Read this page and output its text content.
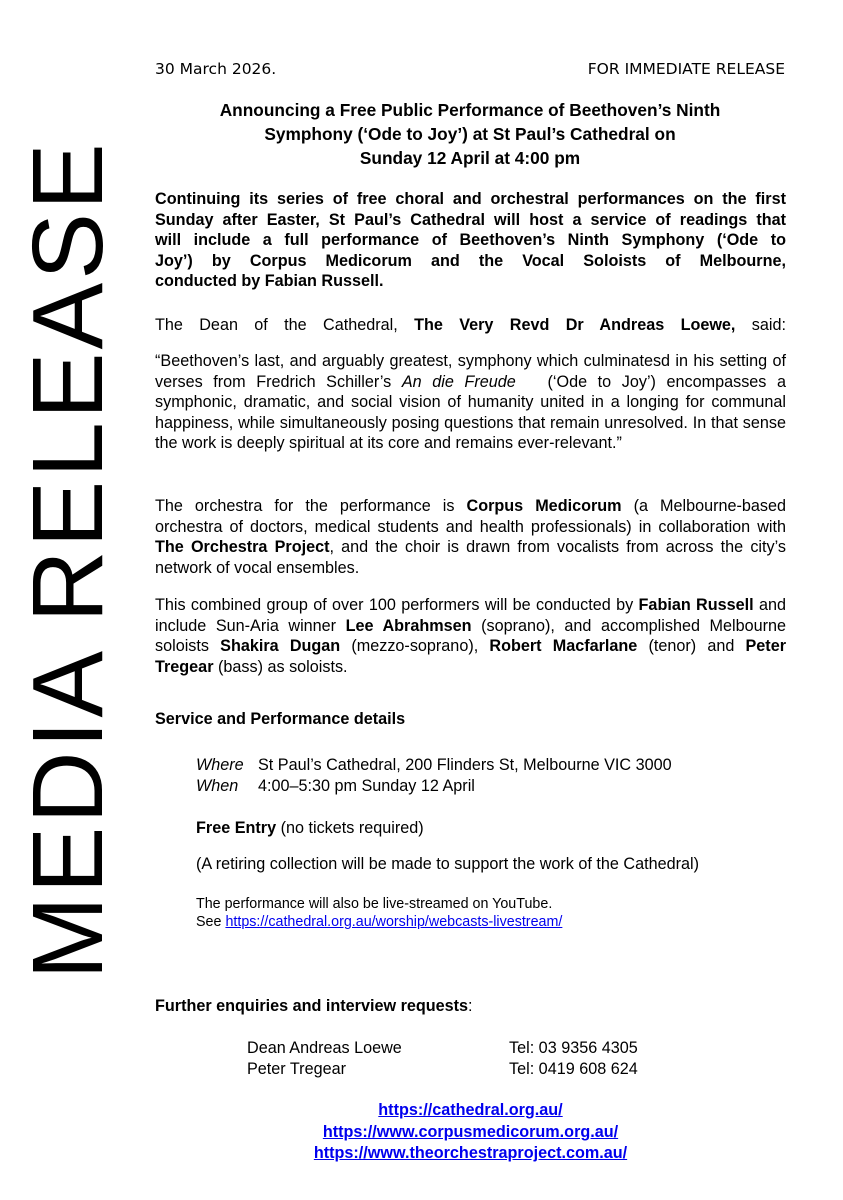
MEDIA RELEASE
30 March 2026.	FOR IMMEDIATE RELEASE
Announcing a Free Public Performance of Beethoven’s Ninth
Symphony (‘Ode to Joy’) at St Paul’s Cathedral on
Sunday 12 April at 4:00 pm
Continuing its series of free choral and orchestral performances on the first
Sunday after Easter, St Paul’s Cathedral will host a service of readings that
will include a full performance of Beethoven’s Ninth Symphony (‘Ode to
Joy’) by Corpus Medicorum and the Vocal Soloists of Melbourne,
conducted by Fabian Russell.
The Dean of the Cathedral, The Very Revd Dr Andreas Loewe, said:
“Beethoven’s last, and arguably greatest, symphony which culminatesd in his setting of verses from Fredrich Schiller’s An die Freude (‘Ode to Joy’) encompasses a symphonic, dramatic, and social vision of humanity united in a longing for communal happiness, while simultaneously posing questions that remain unresolved. In that sense the work is deeply spiritual at its core and remains ever-relevant.”
The orchestra for the performance is Corpus Medicorum (a Melbourne-based orchestra of doctors, medical students and health professionals) in collaboration with The Orchestra Project, and the choir is drawn from vocalists from across the city’s network of vocal ensembles.
This combined group of over 100 performers will be conducted by Fabian Russell and include Sun-Aria winner Lee Abrahmsen (soprano), and accomplished Melbourne soloists Shakira Dugan (mezzo-soprano), Robert Macfarlane (tenor) and Peter Tregear (bass) as soloists.
Service and Performance details
Where St Paul’s Cathedral, 200 Flinders St, Melbourne VIC 3000
When 4:00–5:30 pm Sunday 12 April
Free Entry (no tickets required)
(A retiring collection will be made to support the work of the Cathedral)
The performance will also be live-streamed on YouTube.
See https://cathedral.org.au/worship/webcasts-livestream/
Further enquiries and interview requests:
Dean Andreas Loewe	Tel: 03 9356 4305
Peter Tregear	Tel: 0419 608 624
https://cathedral.org.au/
https://www.corpusmedicorum.org.au/
https://www.theorchestraproject.com.au/
